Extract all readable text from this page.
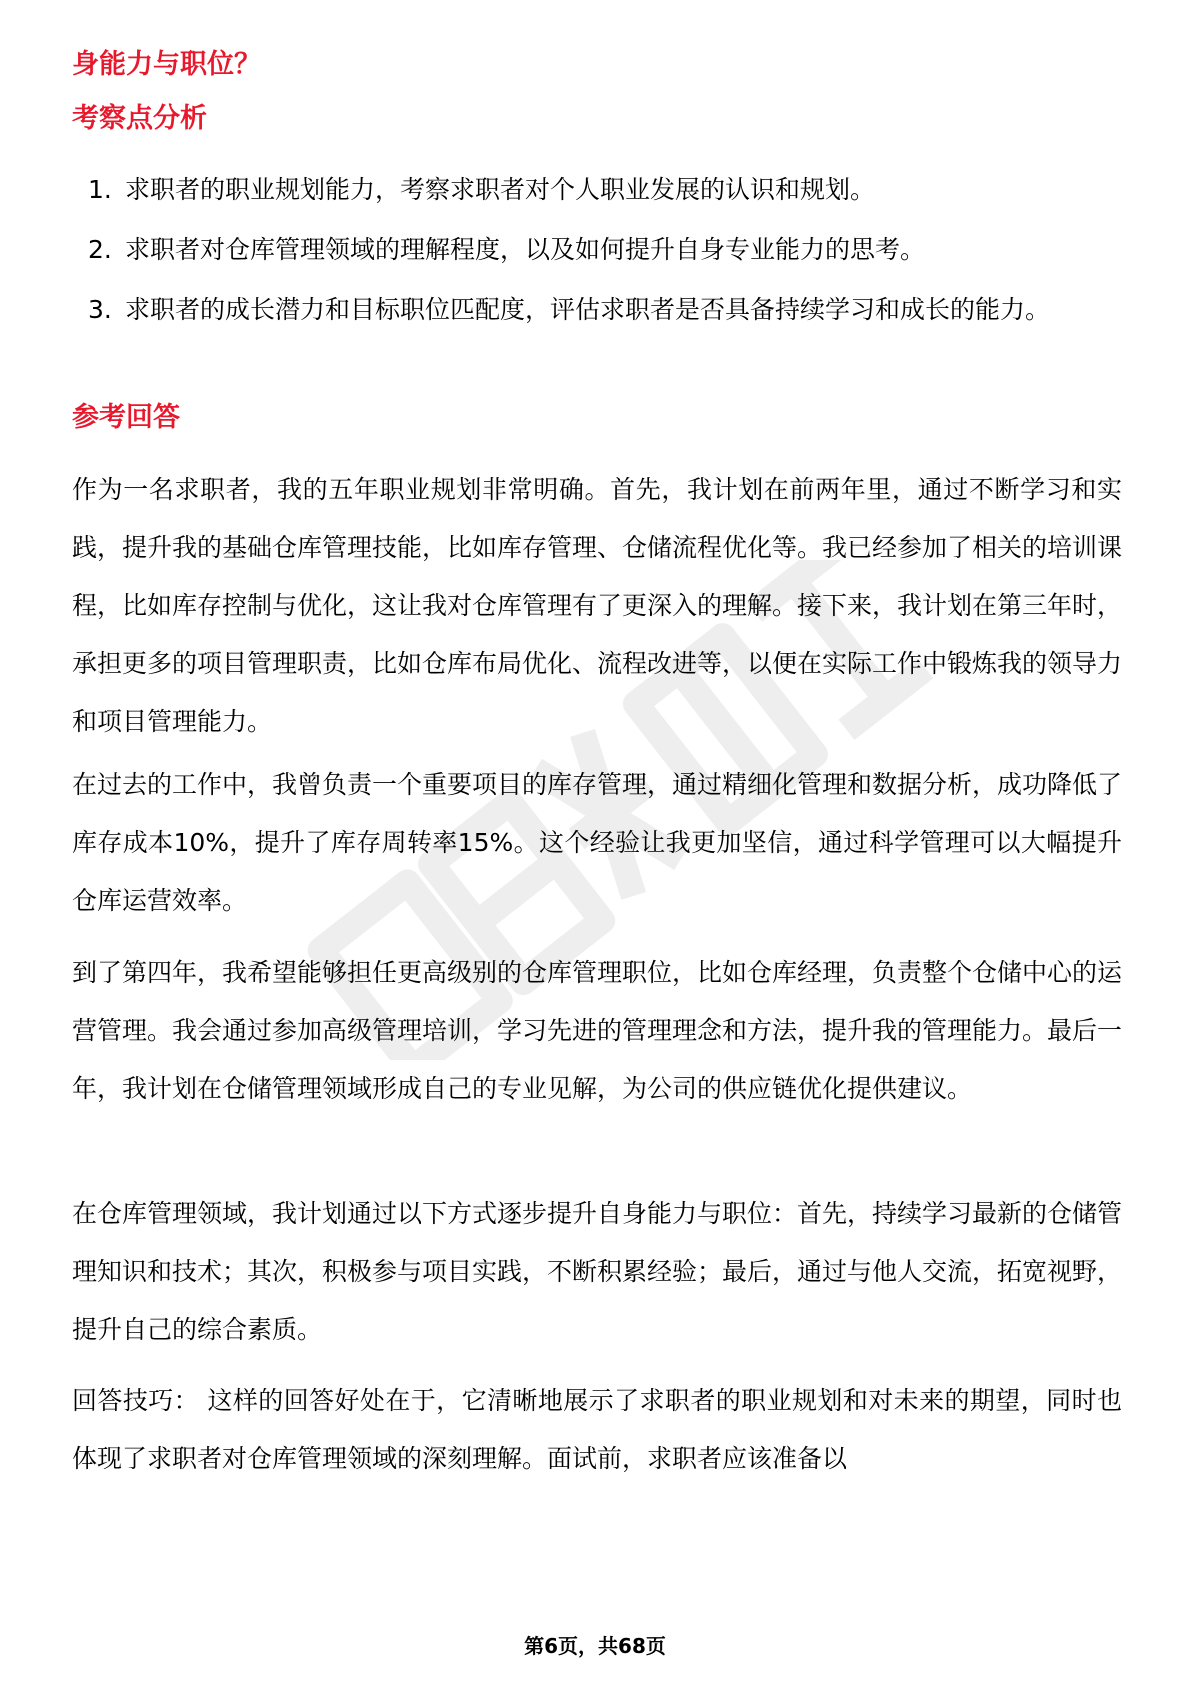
身能力与职位？
考察点分析
1. 求职者的职业规划能力，考察求职者对个人职业发展的认识和规划。
2. 求职者对仓库管理领域的理解程度，以及如何提升自身专业能力的思考。
3. 求职者的成长潜力和目标职位匹配度，评估求职者是否具备持续学习和成长的能力。
参考回答

作为一名求职者，我的五年职业规划非常明确。首先，我计划在前两年里，通过不断学习和实践，提升我的基础仓库管理技能，比如库存管理、仓储流程优化等。我已经参加了相关的培训课程，比如库存控制与优化，这让我对仓库管理有了更深入的理解。接下来，我计划在第三年时，承担更多的项目管理职责，比如仓库布局优化、流程改进等，以便在实际工作中锻炼我的领导力和项目管理能力。

在过去的工作中，我曾负责一个重要项目的库存管理，通过精细化管理和数据分析，成功降低了库存成本10%，提升了库存周转率15%。这个经验让我更加坚信，通过科学管理可以大幅提升仓库运营效率。

到了第四年，我希望能够担任更高级别的仓库管理职位，比如仓库经理，负责整个仓储中心的运营管理。我会通过参加高级管理培训，学习先进的管理理念和方法，提升我的管理能力。最后一年，我计划在仓储管理领域形成自己的专业见解，为公司的供应链优化提供建议。

在仓库管理领域，我计划通过以下方式逐步提升自身能力与职位：首先，持续学习最新的仓储管理知识和技术；其次，积极参与项目实践，不断积累经验；最后，通过与他人交流，拓宽视野，提升自己的综合素质。

回答技巧： 这样的回答好处在于，它清晰地展示了求职者的职业规划和对未来的期望，同时也体现了求职者对仓库管理领域的深刻理解。面试前，求职者应该准备以

第6页，共68页
